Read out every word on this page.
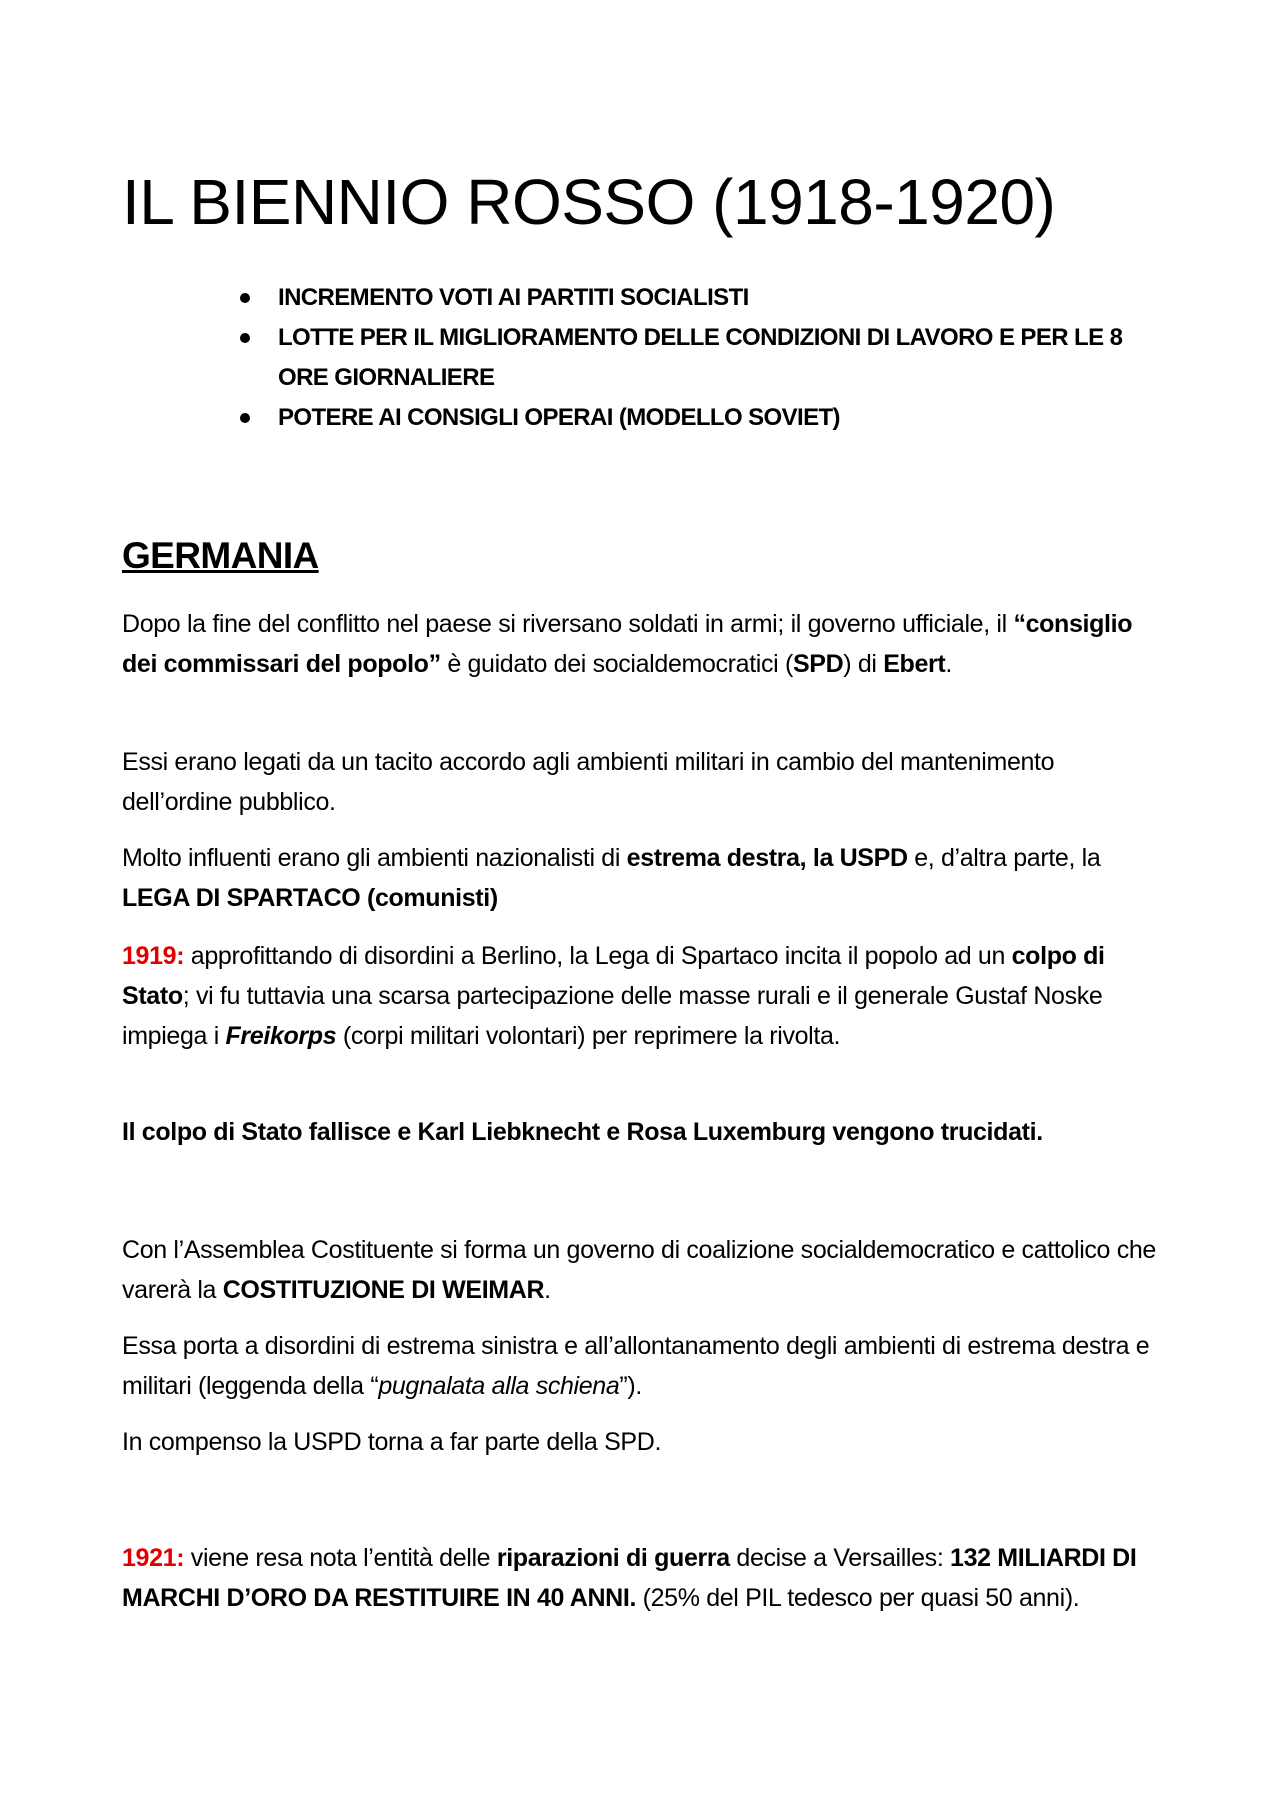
IL BIENNIO ROSSO (1918-1920)
INCREMENTO VOTI AI PARTITI SOCIALISTI
LOTTE PER IL MIGLIORAMENTO DELLE CONDIZIONI DI LAVORO E PER LE 8 ORE GIORNALIERE
POTERE AI CONSIGLI OPERAI (MODELLO SOVIET)
GERMANIA

Dopo la fine del conflitto nel paese si riversano soldati in armi; il governo ufficiale, il “consiglio dei commissari del popolo” è guidato dei socialdemocratici (SPD) di Ebert.

Essi erano legati da un tacito accordo agli ambienti militari in cambio del mantenimento dell’ordine pubblico.

Molto influenti erano gli ambienti nazionalisti di estrema destra, la USPD e, d’altra parte, la LEGA DI SPARTACO (comunisti)

1919: approfittando di disordini a Berlino, la Lega di Spartaco incita il popolo ad un colpo di Stato; vi fu tuttavia una scarsa partecipazione delle masse rurali e il generale Gustaf Noske impiega i Freikorps (corpi militari volontari) per reprimere la rivolta.

Il colpo di Stato fallisce e Karl Liebknecht e Rosa Luxemburg vengono trucidati.

Con l’Assemblea Costituente si forma un governo di coalizione socialdemocratico e cattolico che varerà la COSTITUZIONE DI WEIMAR.

Essa porta a disordini di estrema sinistra e all’allontanamento degli ambienti di estrema destra e militari (leggenda della “pugnalata alla schiena”).

In compenso la USPD torna a far parte della SPD.

1921: viene resa nota l’entità delle riparazioni di guerra decise a Versailles: 132 MILIARDI DI MARCHI D’ORO DA RESTITUIRE IN 40 ANNI. (25% del PIL tedesco per quasi 50 anni).
